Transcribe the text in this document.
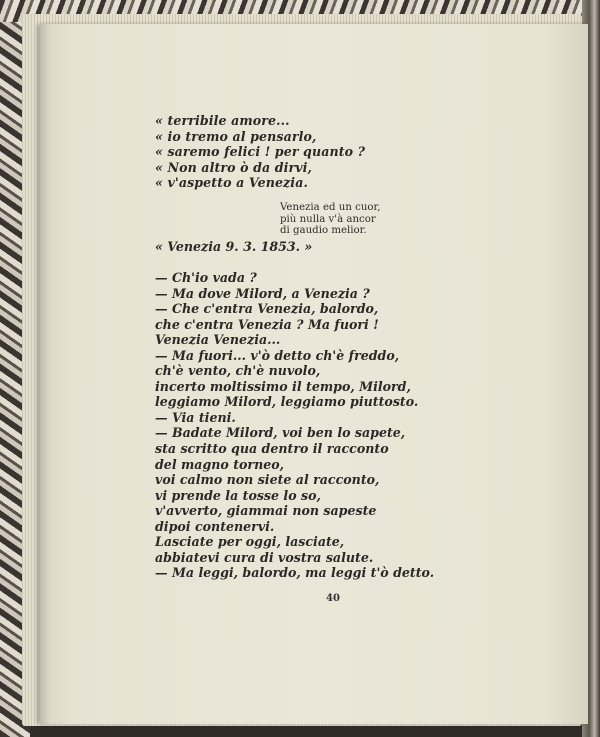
« terribile amore...
« io tremo al pensarlo,
« saremo felici ! per quanto ?
« Non altro ò da dirvi,
« v'aspetto a Venezia.
Venezia ed un cuor,
più nulla v'à ancor
di gaudio melior.
« Venezia 9. 3. 1853. »
— Ch'io vada ?
— Ma dove Milord, a Venezia ?
— Che c'entra Venezia, balordo,
che c'entra Venezia ? Ma fuori !
Venezia Venezia...
— Ma fuori... v'ò detto ch'è freddo,
ch'è vento, ch'è nuvolo,
incerto moltissimo il tempo, Milord,
leggiamo Milord, leggiamo piuttosto.
— Via tieni.
— Badate Milord, voi ben lo sapete,
sta scritto qua dentro il racconto
del magno torneo,
voi calmo non siete al racconto,
vi prende la tosse lo so,
v'avverto, giammai non sapeste
dipoi contenervi.
Lasciate per oggi, lasciate,
abbiatevi cura di vostra salute.
— Ma leggi, balordo, ma leggi t'ò detto.
40
